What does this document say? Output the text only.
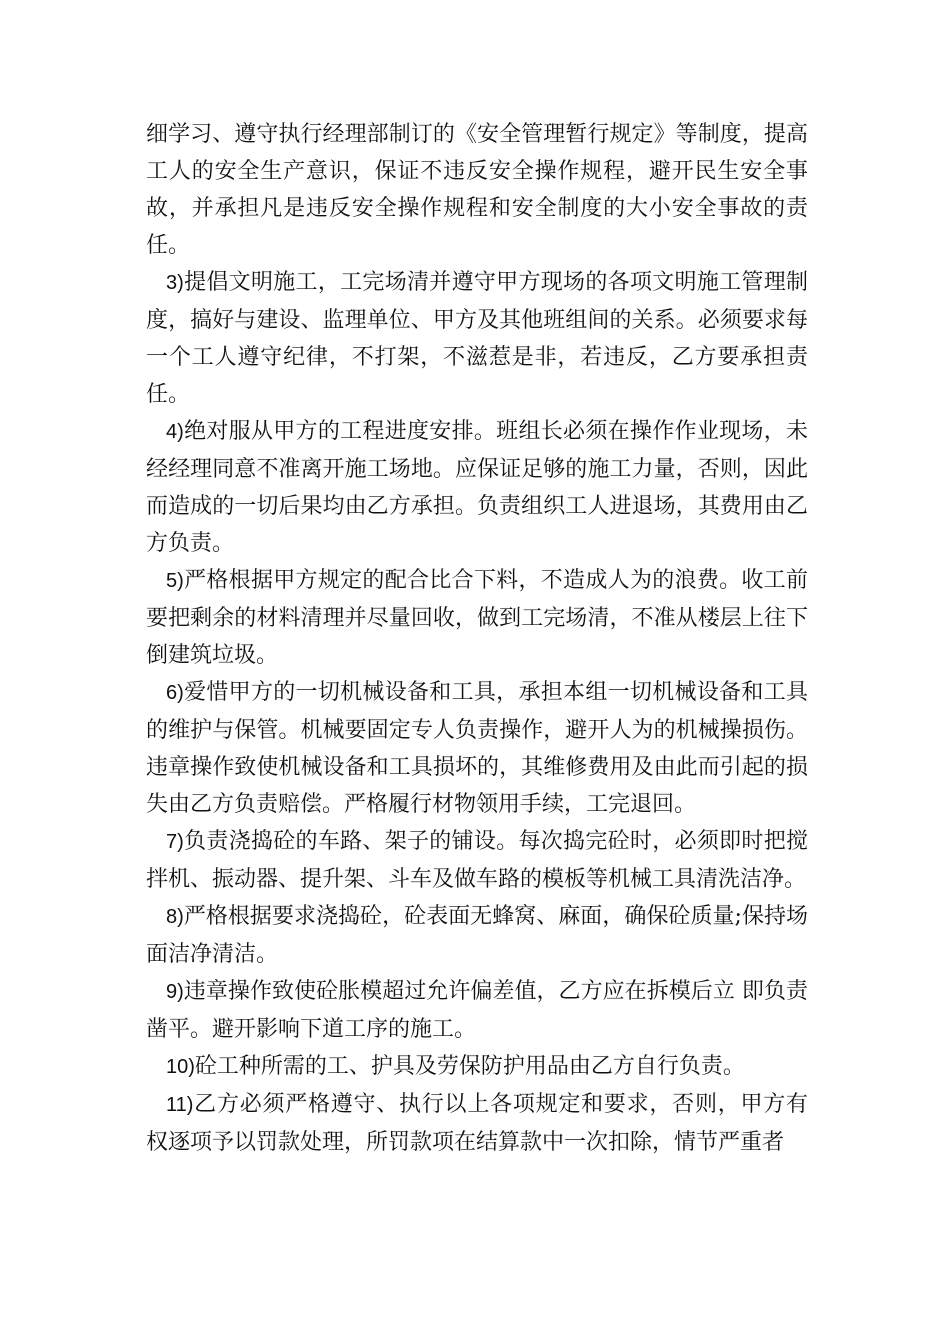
细学习、遵守执行经理部制订的《安全管理暂行规定》等制度，提高工人的安全生产意识，保证不违反安全操作规程，避开民生安全事故，并承担凡是违反安全操作规程和安全制度的大小安全事故的责任。

3)提倡文明施工，工完场清并遵守甲方现场的各项文明施工管理制度，搞好与建设、监理单位、甲方及其他班组间的关系。必须要求每一个工人遵守纪律，不打架，不滋惹是非，若违反，乙方要承担责任。

4)绝对服从甲方的工程进度安排。班组长必须在操作作业现场，未经经理同意不准离开施工场地。应保证足够的施工力量，否则，因此而造成的一切后果均由乙方承担。负责组织工人进退场，其费用由乙方负责。

5)严格根据甲方规定的配合比合下料，不造成人为的浪费。收工前要把剩余的材料清理并尽量回收，做到工完场清，不准从楼层上往下倒建筑垃圾。

6)爱惜甲方的一切机械设备和工具，承担本组一切机械设备和工具的维护与保管。机械要固定专人负责操作，避开人为的机械操损伤。违章操作致使机械设备和工具损坏的，其维修费用及由此而引起的损失由乙方负责赔偿。严格履行材物领用手续，工完退回。

7)负责浇捣砼的车路、架子的铺设。每次捣完砼时，必须即时把搅拌机、振动器、提升架、斗车及做车路的模板等机械工具清洗洁净。

8)严格根据要求浇捣砼，砼表面无蜂窝、麻面，确保砼质量;保持场面洁净清洁。

9)违章操作致使砼胀模超过允许偏差值，乙方应在拆模后立 即负责凿平。避开影响下道工序的施工。

10)砼工种所需的工、护具及劳保防护用品由乙方自行负责。

11)乙方必须严格遵守、执行以上各项规定和要求，否则，甲方有权逐项予以罚款处理，所罚款项在结算款中一次扣除，情节严重者
